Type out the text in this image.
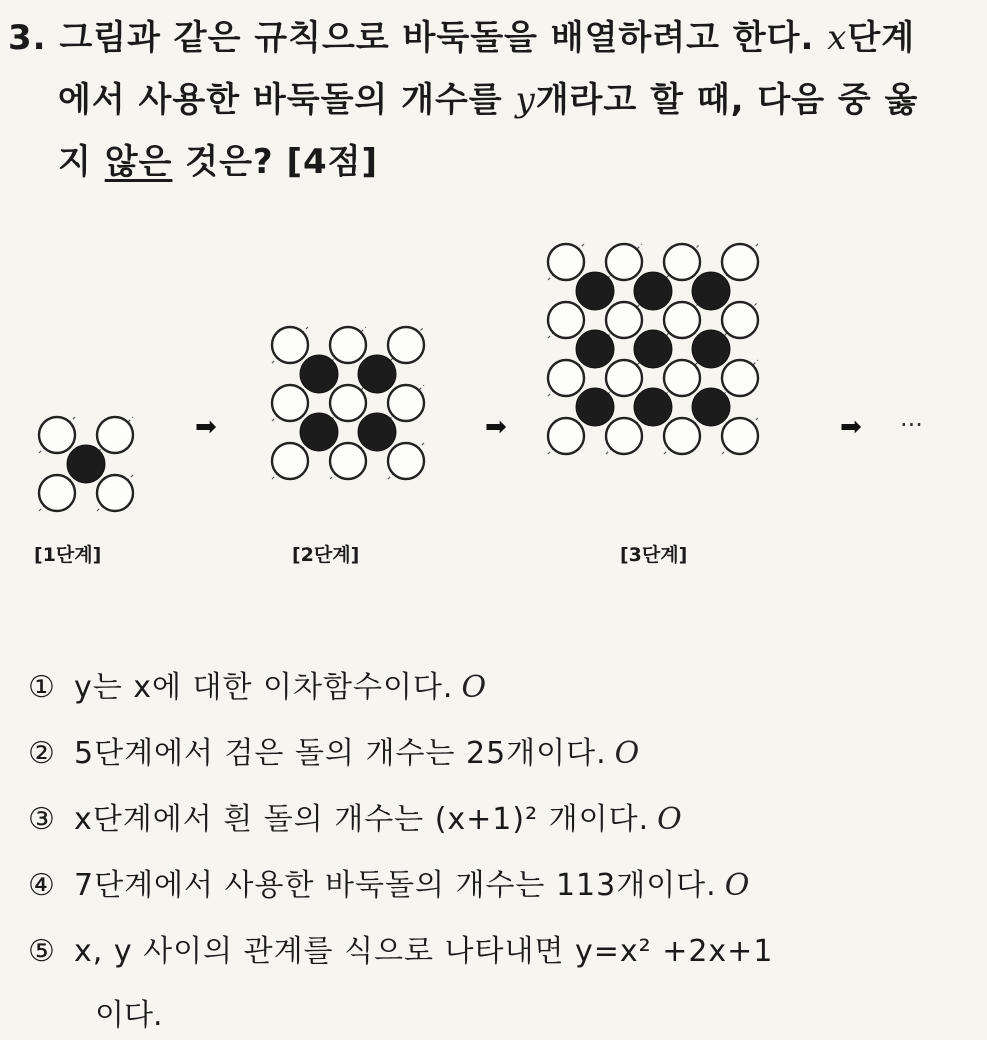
3. 그림과 같은 규칙으로 바둑돌을 배열하려고 한다. x단계
에서 사용한 바둑돌의 개수를 y개라고 할 때, 다음 중 옳
지 않은 것은? [4점]
➡	➡	➡ ···
[1단계]	[2단계]	[3단계]
① y는 x에 대한 이차함수이다. O
② 5단계에서 검은 돌의 개수는 25개이다. O
③ x단계에서 흰 돌의 개수는 (x+1)² 개이다. O
④ 7단계에서 사용한 바둑돌의 개수는 113개이다. O
⑤ x, y 사이의 관계를 식으로 나타내면 y=x² +2x+1
이다.
